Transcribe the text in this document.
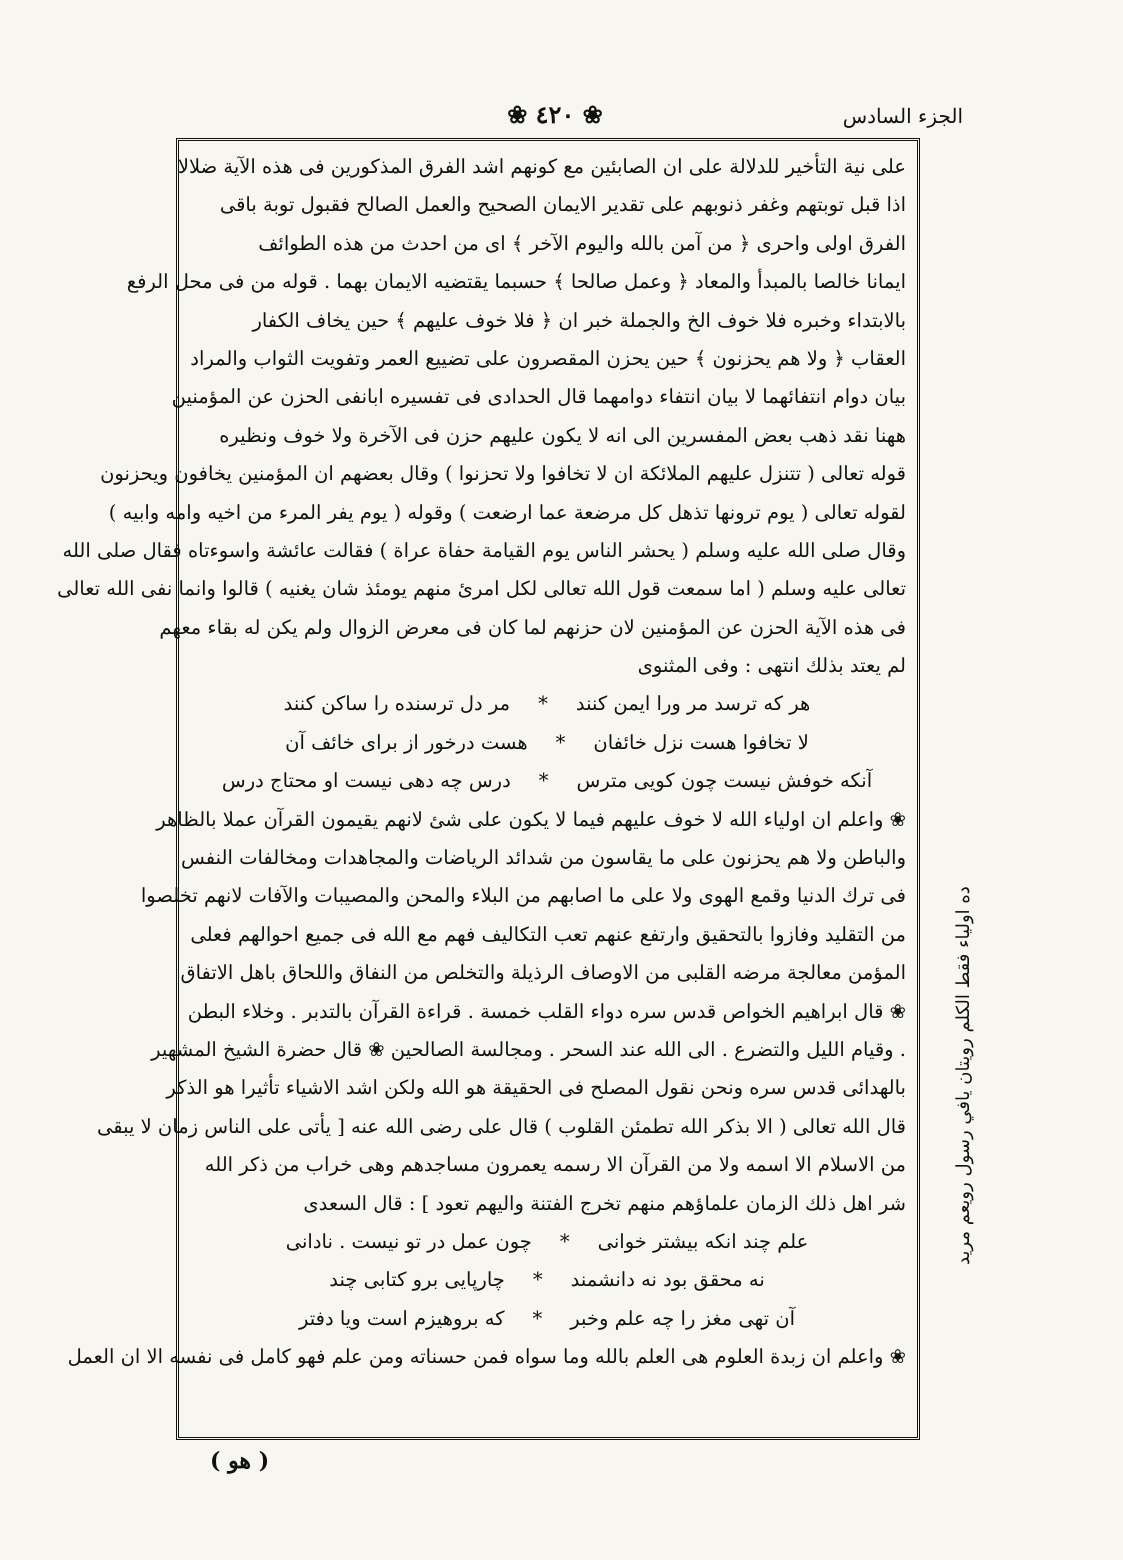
❀ ٤٢٠ ❀	الجزء السادس
على نية التأخير للدلالة على ان الصابئين مع كونهم اشد الفرق المذكورين فى هذه الآية ضلالا
اذا قبل توبتهم وغفر ذنوبهم على تقدير الايمان الصحيح والعمل الصالح فقبول توبة باقى
الفرق اولى واحرى ﴿ من آمن بالله واليوم الآخر ﴾ اى من احدث من هذه الطوائف
ايمانا خالصا بالمبدأ والمعاد ﴿ وعمل صالحا ﴾ حسبما يقتضيه الايمان بهما . قوله من فى محل الرفع
بالابتداء وخبره فلا خوف الخ والجملة خبر ان ﴿ فلا خوف عليهم ﴾ حين يخاف الكفار
العقاب ﴿ ولا هم يحزنون ﴾ حين يحزن المقصرون على تضييع العمر وتفويت الثواب والمراد
بيان دوام انتفائهما لا بيان انتفاء دوامهما قال الحدادى فى تفسيره ابانفى الحزن عن المؤمنين
ههنا نقد ذهب بعض المفسرين الى انه لا يكون عليهم حزن فى الآخرة ولا خوف ونظيره
قوله تعالى ( تتنزل عليهم الملائكة ان لا تخافوا ولا تحزنوا ) وقال بعضهم ان المؤمنين يخافون ويحزنون
لقوله تعالى ( يوم ترونها تذهل كل مرضعة عما ارضعت ) وقوله ( يوم يفر المرء من اخيه وامه وابيه )
وقال صلى الله عليه وسلم ( يحشر الناس يوم القيامة حفاة عراة ) فقالت عائشة واسوءتاه فقال صلى الله
تعالى عليه وسلم ( اما سمعت قول الله تعالى لكل امرئ منهم يومئذ شان يغنيه ) قالوا وانما نفى الله تعالى
فى هذه الآية الحزن عن المؤمنين لان حزنهم لما كان فى معرض الزوال ولم يكن له بقاء معهم
لم يعتد بذلك انتهى : وفى المثنوى
هر كه ترسد مر ورا ايمن كنند
*
مر دل ترسنده را ساكن كنند
لا تخافوا هست نزل خائفان
*
هست درخور از براى خائف آن
آنكه خوفش نيست چون كويى مترس
*
درس چه دهى نيست او محتاج درس
❀ واعلم ان اولياء الله لا خوف عليهم فيما لا يكون على شئ لانهم يقيمون القرآن عملا بالظاهر
والباطن ولا هم يحزنون على ما يقاسون من شدائد الرياضات والمجاهدات ومخالفات النفس
فى ترك الدنيا وقمع الهوى ولا على ما اصابهم من البلاء والمحن والمصيبات والآفات لانهم تخلصوا
من التقليد وفازوا بالتحقيق وارتفع عنهم تعب التكاليف فهم مع الله فى جميع احوالهم فعلى
المؤمن معالجة مرضه القلبى من الاوصاف الرذيلة والتخلص من النفاق واللحاق باهل الاتفاق
❀ قال ابراهيم الخواص قدس سره دواء القلب خمسة . قراءة القرآن بالتدبر . وخلاء البطن
. وقيام الليل والتضرع . الى الله عند السحر . ومجالسة الصالحين ❀ قال حضرة الشيخ المشهير
بالهدائى قدس سره ونحن نقول المصلح فى الحقيقة هو الله ولكن اشد الاشياء تأثيرا هو الذكر
قال الله تعالى ( الا بذكر الله تطمئن القلوب ) قال على رضى الله عنه [ يأتى على الناس زمان لا يبقى
من الاسلام الا اسمه ولا من القرآن الا رسمه يعمرون مساجدهم وهى خراب من ذكر الله
شر اهل ذلك الزمان علماؤهم منهم تخرج الفتنة واليهم تعود ] : قال السعدى
علم چند انكه بيشتر خوانى
*
چون عمل در تو نيست . نادانى
نه محقق بود نه دانشمند
*
چارپايى برو كتابى چند
آن تهى مغز را چه علم وخبر
*
كه بروهيزم است ويا دفتر
❀ واعلم ان زبدة العلوم هى العلم بالله وما سواه فمن حسناته ومن علم فهو كامل فى نفسه الا ان العمل
ده اولياء فقط الكلم رويتان يافي رسول رويعم مريد
( هو )
